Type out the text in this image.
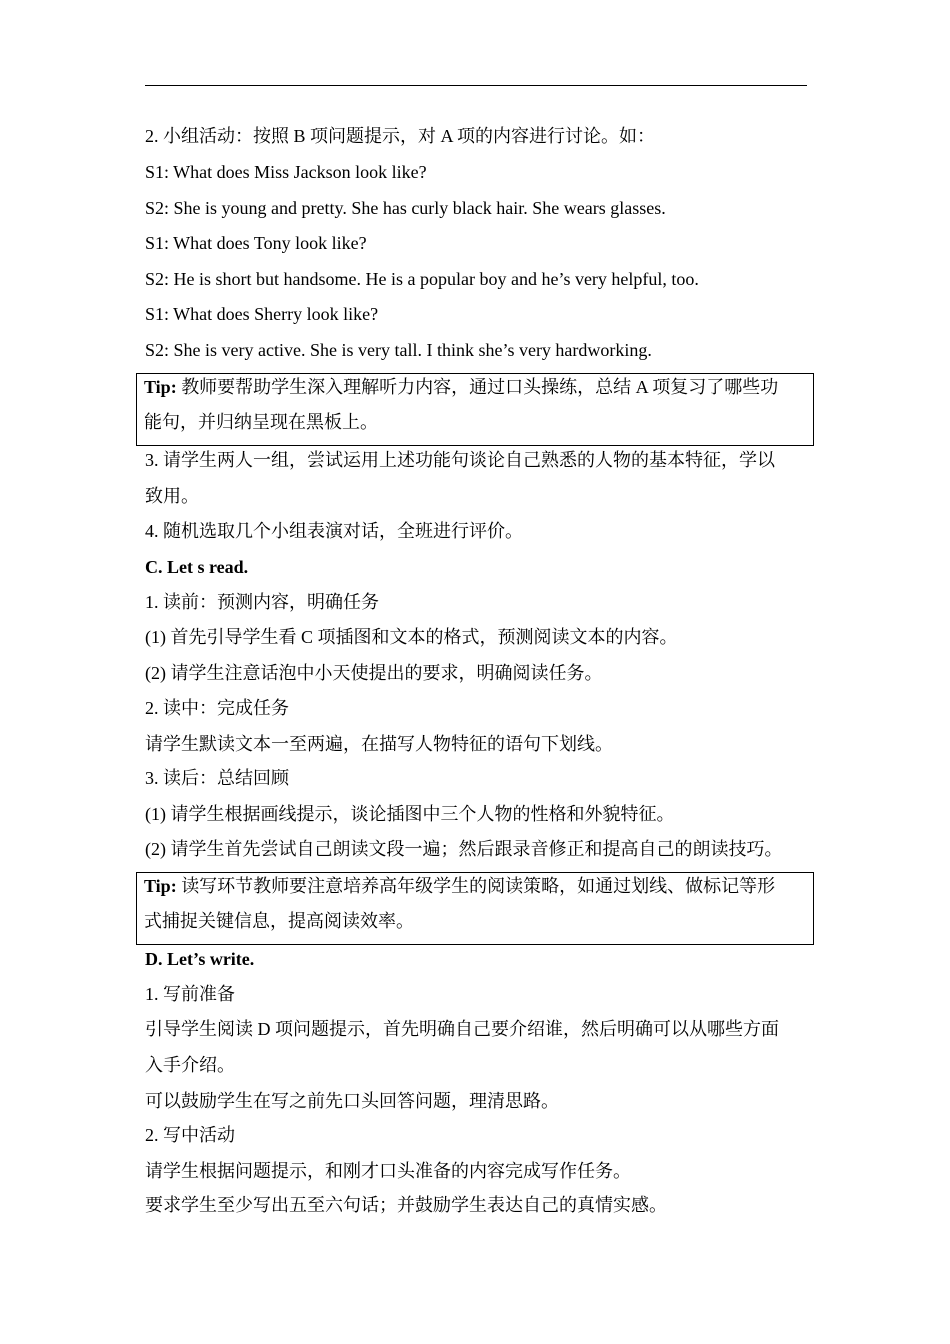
2. 小组活动：按照 B 项问题提示，对 A 项的内容进行讨论。如：
S1: What does Miss Jackson look like?
S2: She is young and pretty. She has curly black hair. She wears glasses.
S1: What does Tony look like?
S2: He is short but handsome. He is a popular boy and he’s very helpful, too.
S1: What does Sherry look like?
S2: She is very active. She is very tall. I think she’s very hardworking.
Tip: 教师要帮助学生深入理解听力内容，通过口头操练，总结 A 项复习了哪些功
能句，并归纳呈现在黑板上。
3. 请学生两人一组，尝试运用上述功能句谈论自己熟悉的人物的基本特征，学以
致用。
4. 随机选取几个小组表演对话，全班进行评价。
C. Let s read.
1. 读前：预测内容，明确任务
(1) 首先引导学生看 C 项插图和文本的格式，预测阅读文本的内容。
(2) 请学生注意话泡中小天使提出的要求，明确阅读任务。
2. 读中：完成任务
请学生默读文本一至两遍，在描写人物特征的语句下划线。
3. 读后：总结回顾
(1) 请学生根据画线提示，谈论插图中三个人物的性格和外貌特征。
(2) 请学生首先尝试自己朗读文段一遍；然后跟录音修正和提高自己的朗读技巧。
Tip: 读写环节教师要注意培养高年级学生的阅读策略，如通过划线、做标记等形
式捕捉关键信息，提高阅读效率。
D. Let’s write.
1. 写前准备
引导学生阅读 D 项问题提示，首先明确自己要介绍谁，然后明确可以从哪些方面
入手介绍。
可以鼓励学生在写之前先口头回答问题，理清思路。
2. 写中活动
请学生根据问题提示，和刚才口头准备的内容完成写作任务。
要求学生至少写出五至六句话；并鼓励学生表达自己的真情实感。
